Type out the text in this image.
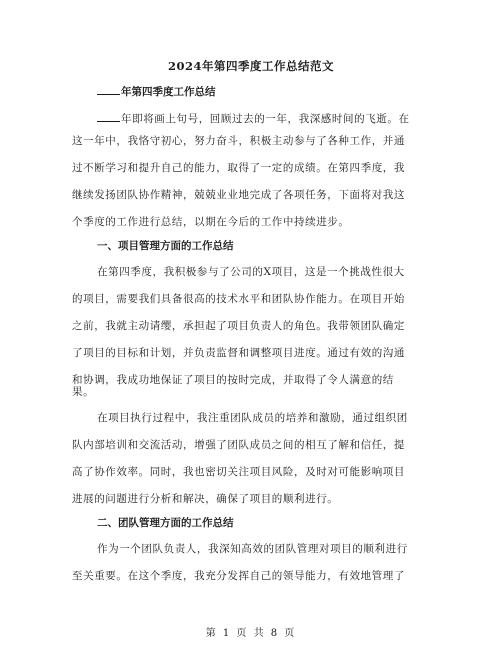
2024年第四季度工作总结范文
年第四季度工作总结
年即将画上句号，回顾过去的一年，我深感时间的飞逝。在
这一年中，我恪守初心，努力奋斗，积极主动参与了各种工作，并通
过不断学习和提升自己的能力，取得了一定的成绩。在第四季度，我
继续发扬团队协作精神，兢兢业业地完成了各项任务，下面将对我这
个季度的工作进行总结，以期在今后的工作中持续进步。
一、项目管理方面的工作总结
在第四季度，我积极参与了公司的X项目，这是一个挑战性很大
的项目，需要我们具备很高的技术水平和团队协作能力。在项目开始
之前，我就主动请缨，承担起了项目负责人的角色。我带领团队确定
了项目的目标和计划，并负责监督和调整项目进度。通过有效的沟通
和协调，我成功地保证了项目的按时完成，并取得了令人满意的结
果。
在项目执行过程中，我注重团队成员的培养和激励，通过组织团
队内部培训和交流活动，增强了团队成员之间的相互了解和信任，提
高了协作效率。同时，我也密切关注项目风险，及时对可能影响项目
进展的问题进行分析和解决，确保了项目的顺利进行。
二、团队管理方面的工作总结
作为一个团队负责人，我深知高效的团队管理对项目的顺利进行
至关重要。在这个季度，我充分发挥自己的领导能力，有效地管理了
第 1 页 共 8 页
